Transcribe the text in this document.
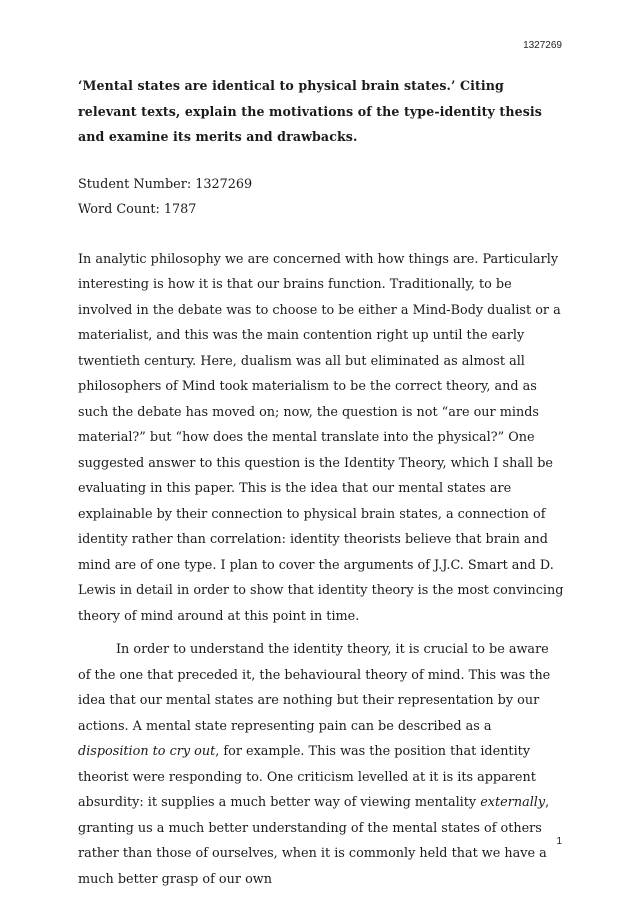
1327269

‘Mental states are identical to physical brain states.’ Citing relevant texts, explain the motivations of the type-identity thesis and examine its merits and drawbacks.

Student Number: 1327269
Word Count: 1787

In analytic philosophy we are concerned with how things are. Particularly interesting is how it is that our brains function. Traditionally, to be involved in the debate was to choose to be either a Mind-Body dualist or a materialist, and this was the main contention right up until the early twentieth century. Here, dualism was all but eliminated as almost all philosophers of Mind took materialism to be the correct theory, and as such the debate has moved on; now, the question is not “are our minds material?” but “how does the mental translate into the physical?” One suggested answer to this question is the Identity Theory, which I shall be evaluating in this paper. This is the idea that our mental states are explainable by their connection to physical brain states, a connection of identity rather than correlation: identity theorists believe that brain and mind are of one type. I plan to cover the arguments of J.J.C. Smart and D. Lewis in detail in order to show that identity theory is the most convincing theory of mind around at this point in time.

In order to understand the identity theory, it is crucial to be aware of the one that preceded it, the behavioural theory of mind. This was the idea that our mental states are nothing but their representation by our actions. A mental state representing pain can be described as a disposition to cry out, for example. This was the position that identity theorist were responding to. One criticism levelled at it is its apparent absurdity: it supplies a much better way of viewing mentality externally, granting us a much better understanding of the mental states of others rather than those of ourselves, when it is commonly held that we have a much better grasp of our own

1
